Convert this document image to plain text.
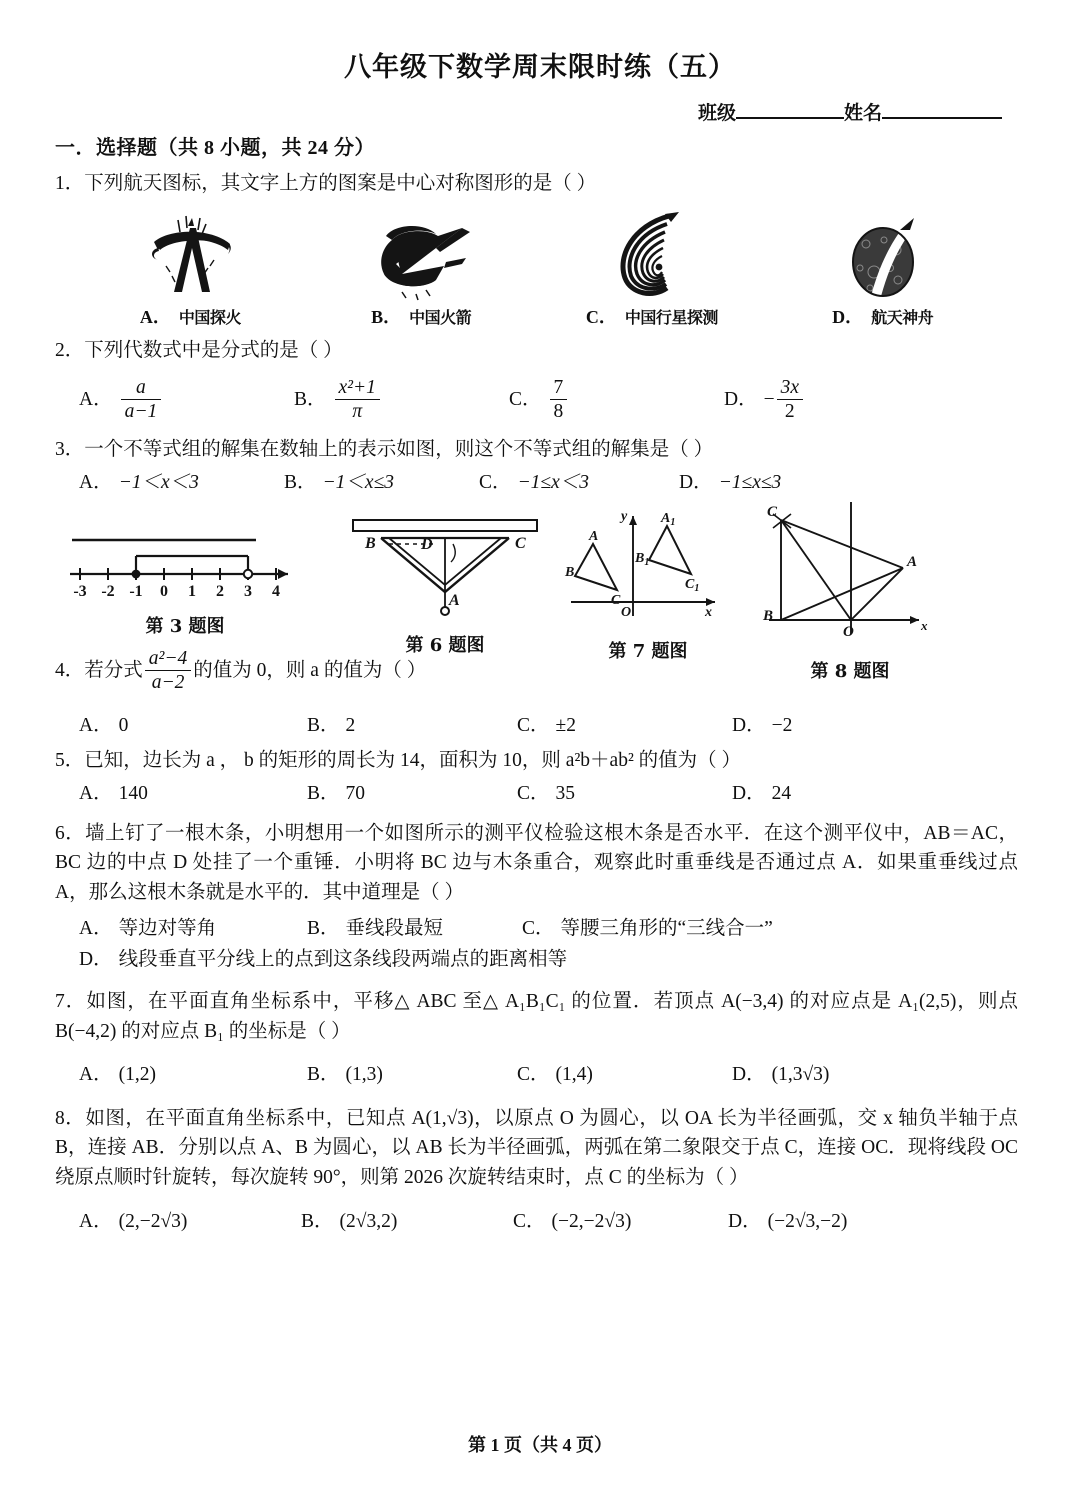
八年级下数学周末限时练（五）
班级	姓名
一．选择题（共 8 小题，共 24 分）
1．下列航天图标，其文字上方的图案是中心对称图形的是（ ）
A． 中国探火	B． 中国火箭	C． 中国行星探测	D． 航天神舟
2．下列代数式中是分式的是（ ）
A． $\frac{a}{a-1}$	B． $\frac{\text{x²+1}}{\pi}$	C． $\frac{7}{8}$	D． − $\frac{3x}{2}$
3．一个不等式组的解集在数轴上的表示如图，则这个不等式组的解集是（ ）
A． −1＜x＜3	B． −1＜x≤3	C． −1≤x＜3	D． −1≤x≤3
-3 -2 -1 0 1 2 3 4
第 3 题图
B	D	C
A
第 6 题图
A
B
C
$A_1$
$B_1$
$C_1$
y
x
O
第 7 题图
C
A
B
O	x
第 8 题图
4．若分式 $\frac{\text{a²−4}}{a-2}$ 的值为 0，则 a 的值为（ ）
A． 0	B． 2	C． ±2	D． −2
5．已知，边长为 a ， b 的矩形的周长为 14，面积为 10，则 a²b＋ab² 的值为（ ）
A． 140	B． 70	C． 35	D． 24
6．墙上钉了一根木条，小明想用一个如图所示的测平仪检验这根木条是否水平．在这个测平仪中，AB＝AC，BC 边的中点 D 处挂了一个重锤．小明将 BC 边与木条重合，观察此时重垂线是否通过点 A．如果重垂线过点 A，那么这根木条就是水平的．其中道理是（ ）
A． 等边对等角	B． 垂线段最短	C． 等腰三角形的“三线合一”
D． 线段垂直平分线上的点到这条线段两端点的距离相等
7．如图，在平面直角坐标系中，平移△ ABC 至△ A₁B₁C₁ 的位置．若顶点 A(−3,4) 的对应点是 A₁(2,5)，则点 B(−4,2) 的对应点 B₁ 的坐标是（ ）
A． (1,2)	B． (1,3)	C． (1,4)	D． (1,3√3)
8．如图，在平面直角坐标系中，已知点 A(1,√3)，以原点 O 为圆心，以 OA 长为半径画弧，交 x 轴负半轴于点 B，连接 AB．分别以点 A、B 为圆心，以 AB 长为半径画弧，两弧在第二象限交于点 C，连接 OC．现将线段 OC 绕原点顺时针旋转，每次旋转 90°，则第 2026 次旋转结束时，点 C 的坐标为（ ）
A． (2,−2√3)	B． (2√3,2)	C． (−2,−2√3)	D． (−2√3,−2)
第 1 页（共 4 页）
